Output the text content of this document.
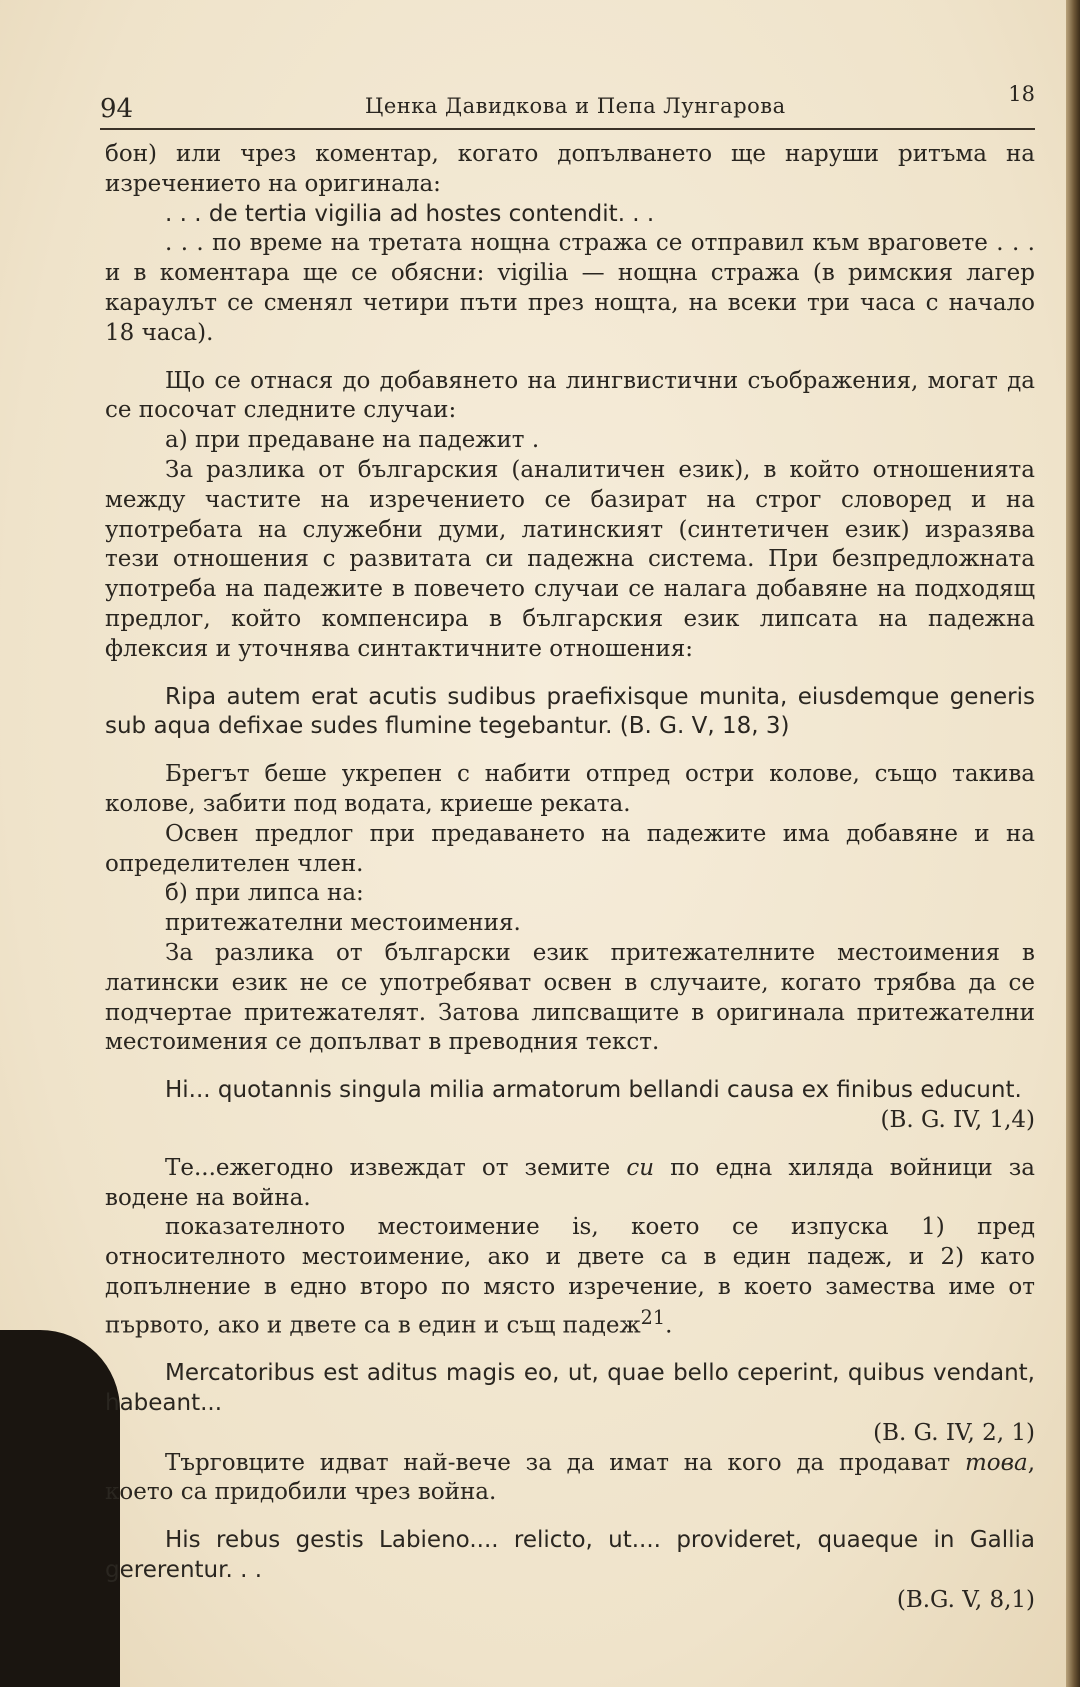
94	Ценка Давидкова и Пепа Лунгарова	18

бон) или чрез коментар, когато допълването ще наруши ритъма на изречението на оригинала:

. . . de tertia vigilia ad hostes contendit. . .

. . . по време на третата нощна стража се отправил към враговете . . . и в коментара ще се обясни: vigilia — нощна стража (в римския лагер караулът се сменял четири пъти през нощта, на всеки три часа с начало 18 часа).

Що се отнася до добавянето на лингвистични съображения, могат да се посочат следните случаи:

а) при предаване на падежит .

За разлика от българския (аналитичен език), в който отношенията между частите на изречението се базират на строг словоред и на употребата на служебни думи, латинският (синтетичен език) изразява тези отношения с развитата си падежна система. При безпредложната употреба на падежите в повечето случаи се налага добавяне на подходящ предлог, който компенсира в българския език липсата на падежна флексия и уточнява синтактичните отношения:

Ripa autem erat acutis sudibus praefixisque munita, eiusdemque generis sub aqua defixae sudes flumine tegebantur. (B. G. V, 18, 3)

Брегът беше укрепен с набити отпред остри колове, също такива колове, забити под водата, криеше реката.

Освен предлог при предаването на падежите има добавяне и на определителен член.

б) при липса на:

притежателни местоимения.

За разлика от български език притежателните местоимения в латински език не се употребяват освен в случаите, когато трябва да се подчертае притежателят. Затова липсващите в оригинала притежателни местоимения се допълват в преводния текст.

Hi... quotannis singula milia armatorum bellandi causa ex finibus educunt.

(B. G. IV, 1,4)

Те...ежегодно извеждат от земите си по една хиляда войници за водене на война.

показателното местоимение is, което се изпуска 1) пред относителното местоимение, ако и двете са в един падеж, и 2) като допълнение в едно второ по място изречение, в което замества име от първото, ако и двете са в един и същ падеж$^{21}$.

Mercatoribus est aditus magis eo, ut, quae bello ceperint, quibus vendant, habeant...

(B. G. IV, 2, 1)

Търговците идват най-вече за да имат на кого да продават това, което са придобили чрез война.

His rebus gestis Labieno.... relicto, ut.... provideret, quaeque in Gallia gererentur. . .

(B.G. V, 8,1)
